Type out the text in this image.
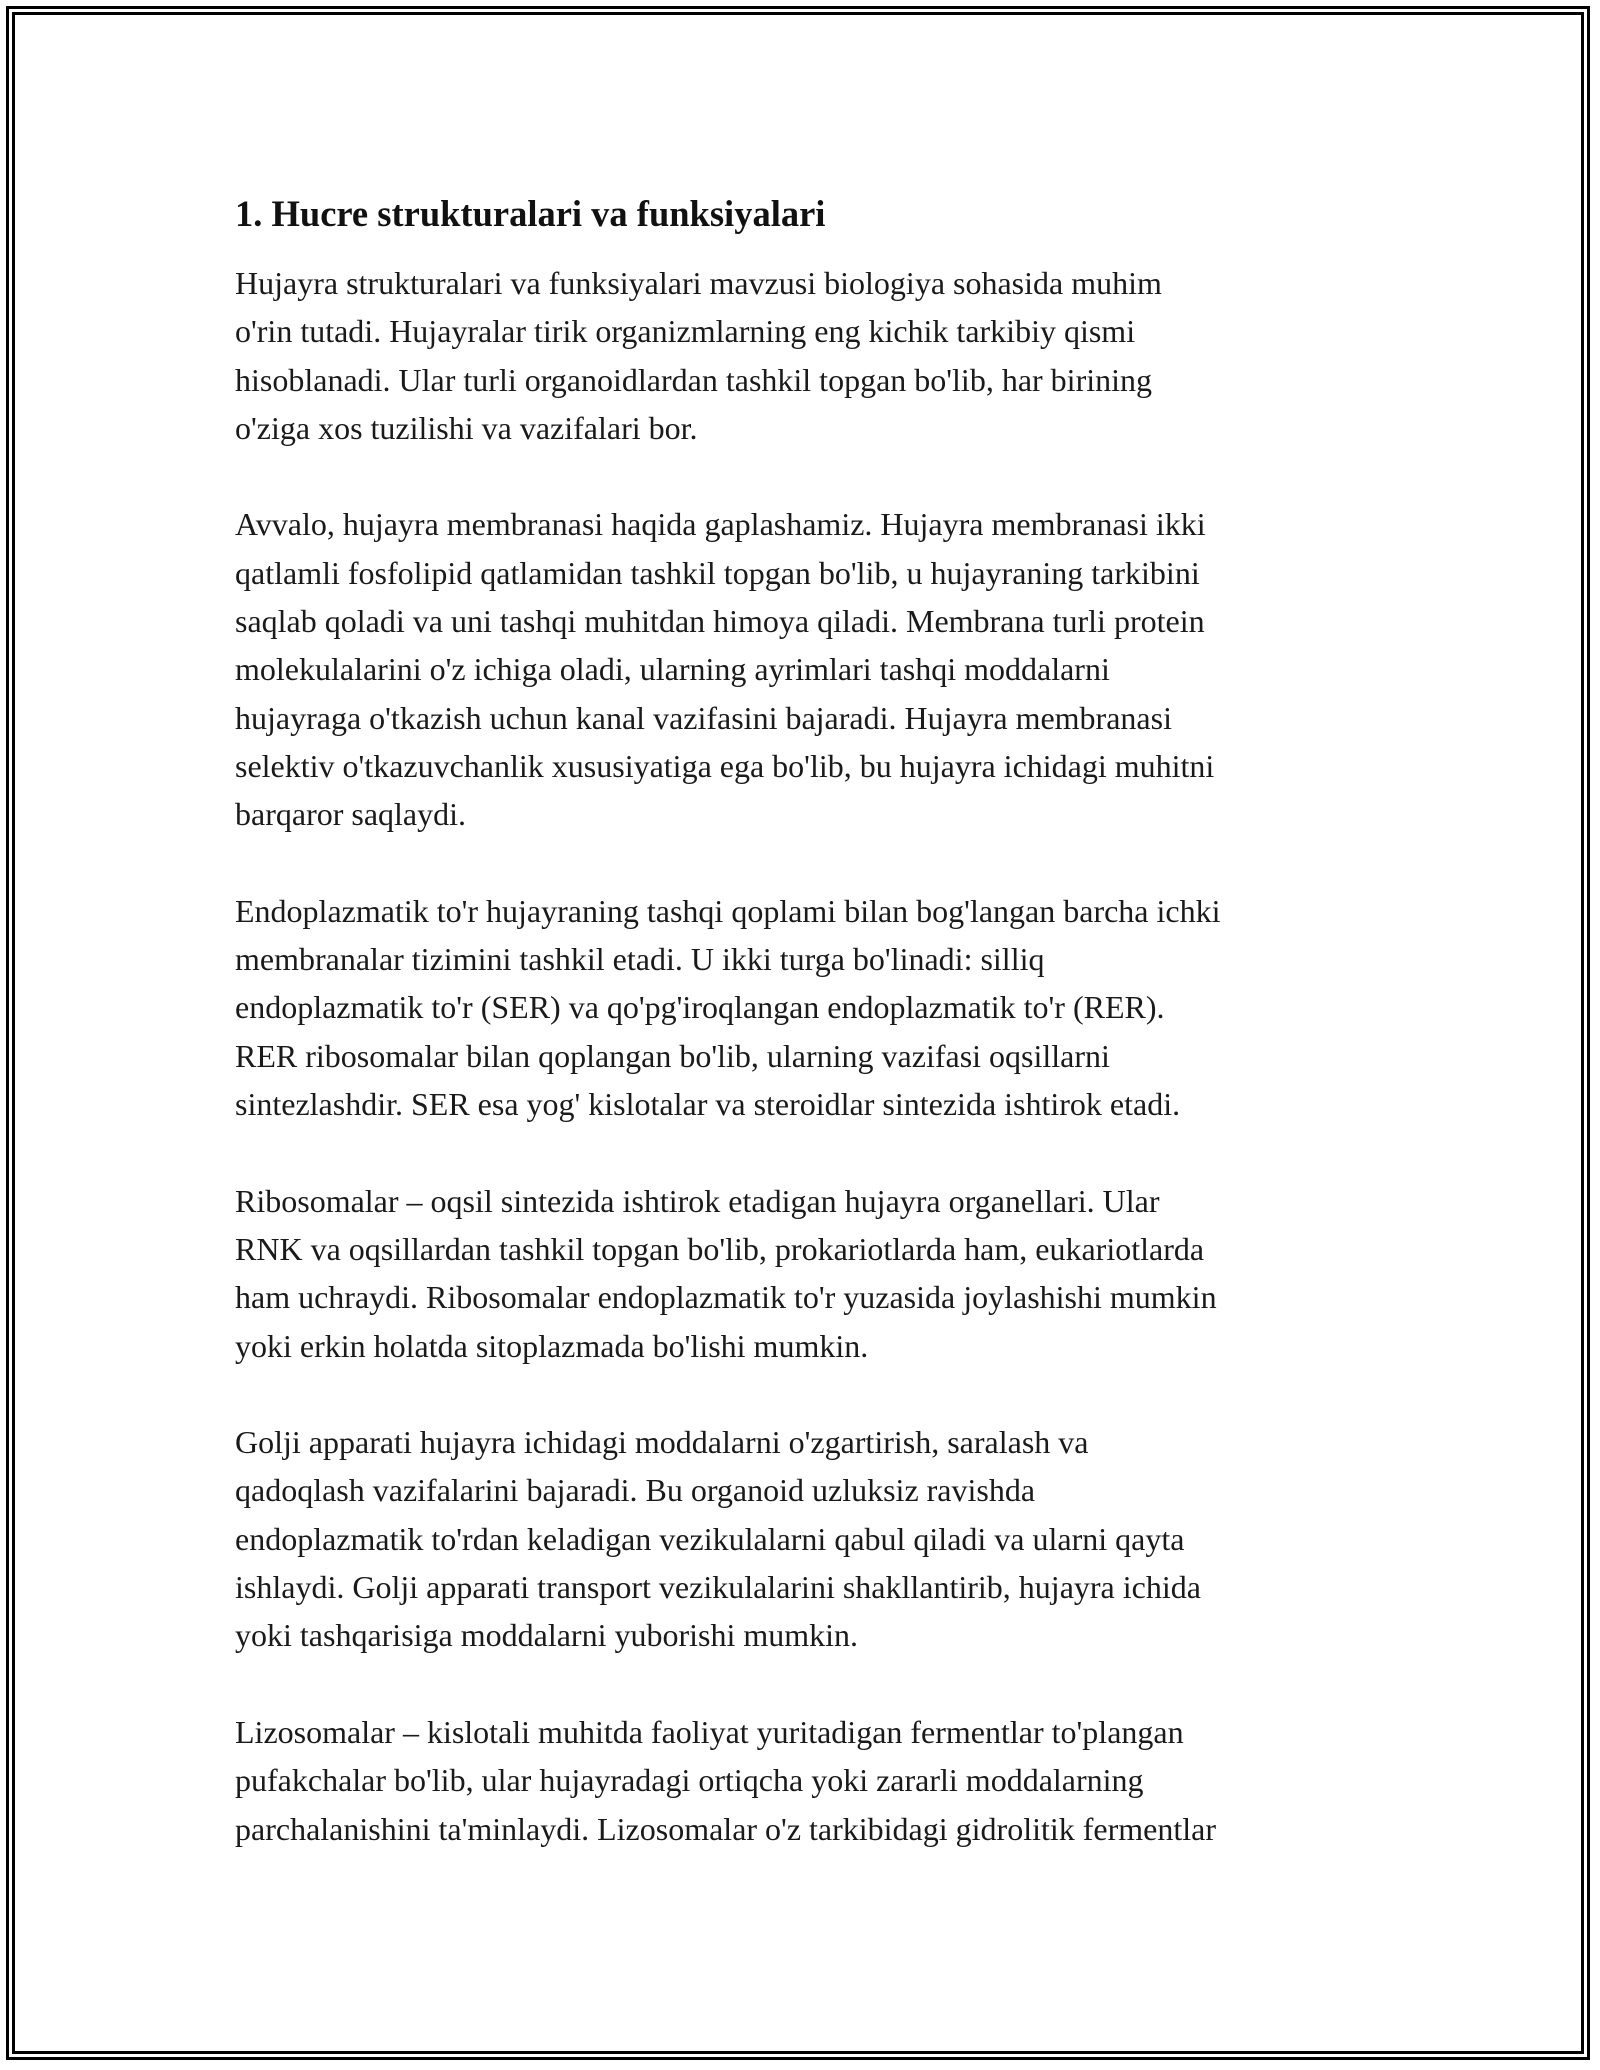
1. Hucre strukturalari va funksiyalari

Hujayra strukturalari va funksiyalari mavzusi biologiya sohasida muhim
o'rin tutadi. Hujayralar tirik organizmlarning eng kichik tarkibiy qismi
hisoblanadi. Ular turli organoidlardan tashkil topgan bo'lib, har birining
o'ziga xos tuzilishi va vazifalari bor.

Avvalo, hujayra membranasi haqida gaplashamiz. Hujayra membranasi ikki
qatlamli fosfolipid qatlamidan tashkil topgan bo'lib, u hujayraning tarkibini
saqlab qoladi va uni tashqi muhitdan himoya qiladi. Membrana turli protein
molekulalarini o'z ichiga oladi, ularning ayrimlari tashqi moddalarni
hujayraga o'tkazish uchun kanal vazifasini bajaradi. Hujayra membranasi
selektiv o'tkazuvchanlik xususiyatiga ega bo'lib, bu hujayra ichidagi muhitni
barqaror saqlaydi.

Endoplazmatik to'r hujayraning tashqi qoplami bilan bog'langan barcha ichki
membranalar tizimini tashkil etadi. U ikki turga bo'linadi: silliq
endoplazmatik to'r (SER) va qo'pg'iroqlangan endoplazmatik to'r (RER).
RER ribosomalar bilan qoplangan bo'lib, ularning vazifasi oqsillarni
sintezlashdir. SER esa yog' kislotalar va steroidlar sintezida ishtirok etadi.

Ribosomalar – oqsil sintezida ishtirok etadigan hujayra organellari. Ular
RNK va oqsillardan tashkil topgan bo'lib, prokariotlarda ham, eukariotlarda
ham uchraydi. Ribosomalar endoplazmatik to'r yuzasida joylashishi mumkin
yoki erkin holatda sitoplazmada bo'lishi mumkin.

Golji apparati hujayra ichidagi moddalarni o'zgartirish, saralash va
qadoqlash vazifalarini bajaradi. Bu organoid uzluksiz ravishda
endoplazmatik to'rdan keladigan vezikulalarni qabul qiladi va ularni qayta
ishlaydi. Golji apparati transport vezikulalarini shakllantirib, hujayra ichida
yoki tashqarisiga moddalarni yuborishi mumkin.

Lizosomalar – kislotali muhitda faoliyat yuritadigan fermentlar to'plangan
pufakchalar bo'lib, ular hujayradagi ortiqcha yoki zararli moddalarning
parchalanishini ta'minlaydi. Lizosomalar o'z tarkibidagi gidrolitik fermentlar
